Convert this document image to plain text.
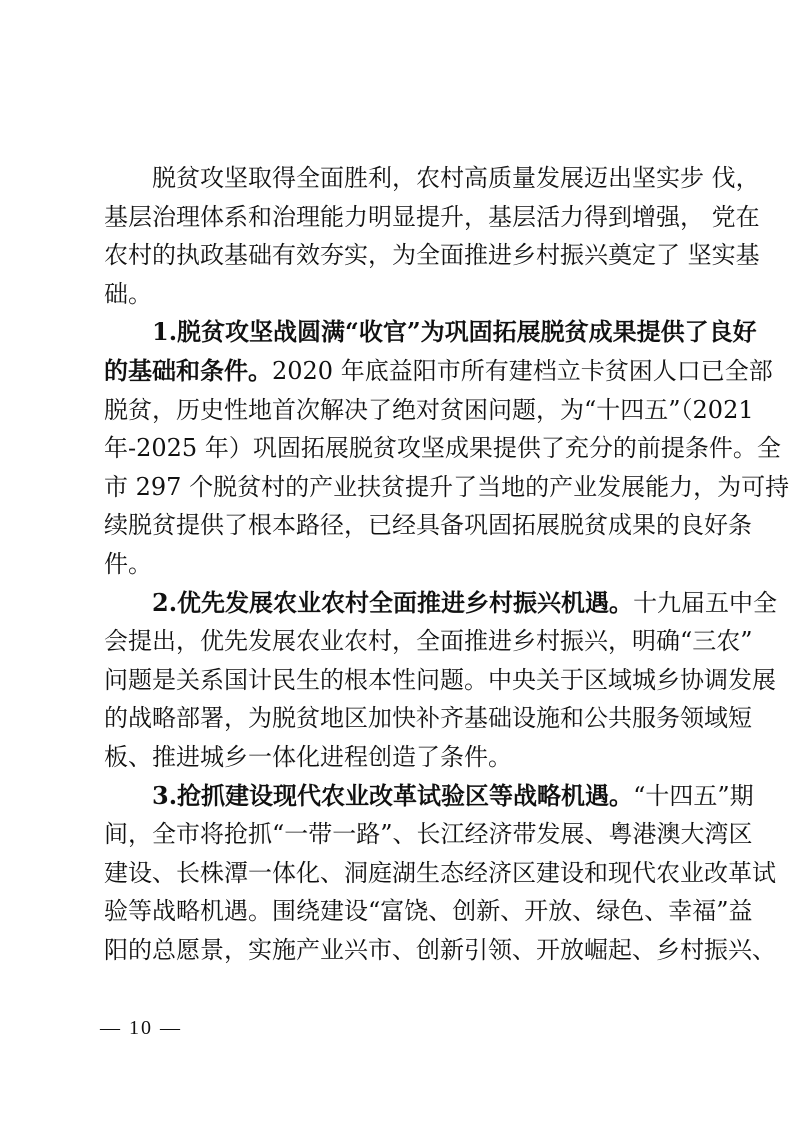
脱贫攻坚取得全面胜利，农村高质量发展迈出坚实步 伐，
基层治理体系和治理能力明显提升，基层活力得到增强， 党在
农村的执政基础有效夯实，为全面推进乡村振兴奠定了 坚实基
础。
1.脱贫攻坚战圆满“收官”为巩固拓展脱贫成果提供了良好
的基础和条件。2020 年底益阳市所有建档立卡贫困人口已全部
脱贫，历史性地首次解决了绝对贫困问题，为“十四五”（2021
年-2025 年）巩固拓展脱贫攻坚成果提供了充分的前提条件。全
市 297 个脱贫村的产业扶贫提升了当地的产业发展能力，为可持
续脱贫提供了根本路径，已经具备巩固拓展脱贫成果的良好条
件。
2.优先发展农业农村全面推进乡村振兴机遇。十九届五中全
会提出，优先发展农业农村，全面推进乡村振兴，明确“三农”
问题是关系国计民生的根本性问题。中央关于区域城乡协调发展
的战略部署，为脱贫地区加快补齐基础设施和公共服务领域短
板、推进城乡一体化进程创造了条件。
3.抢抓建设现代农业改革试验区等战略机遇。“十四五”期
间，全市将抢抓“一带一路”、长江经济带发展、粤港澳大湾区
建设、长株潭一体化、洞庭湖生态经济区建设和现代农业改革试
验等战略机遇。围绕建设“富饶、创新、开放、绿色、幸福”益
阳的总愿景，实施产业兴市、创新引领、开放崛起、乡村振兴、
— 10 —
